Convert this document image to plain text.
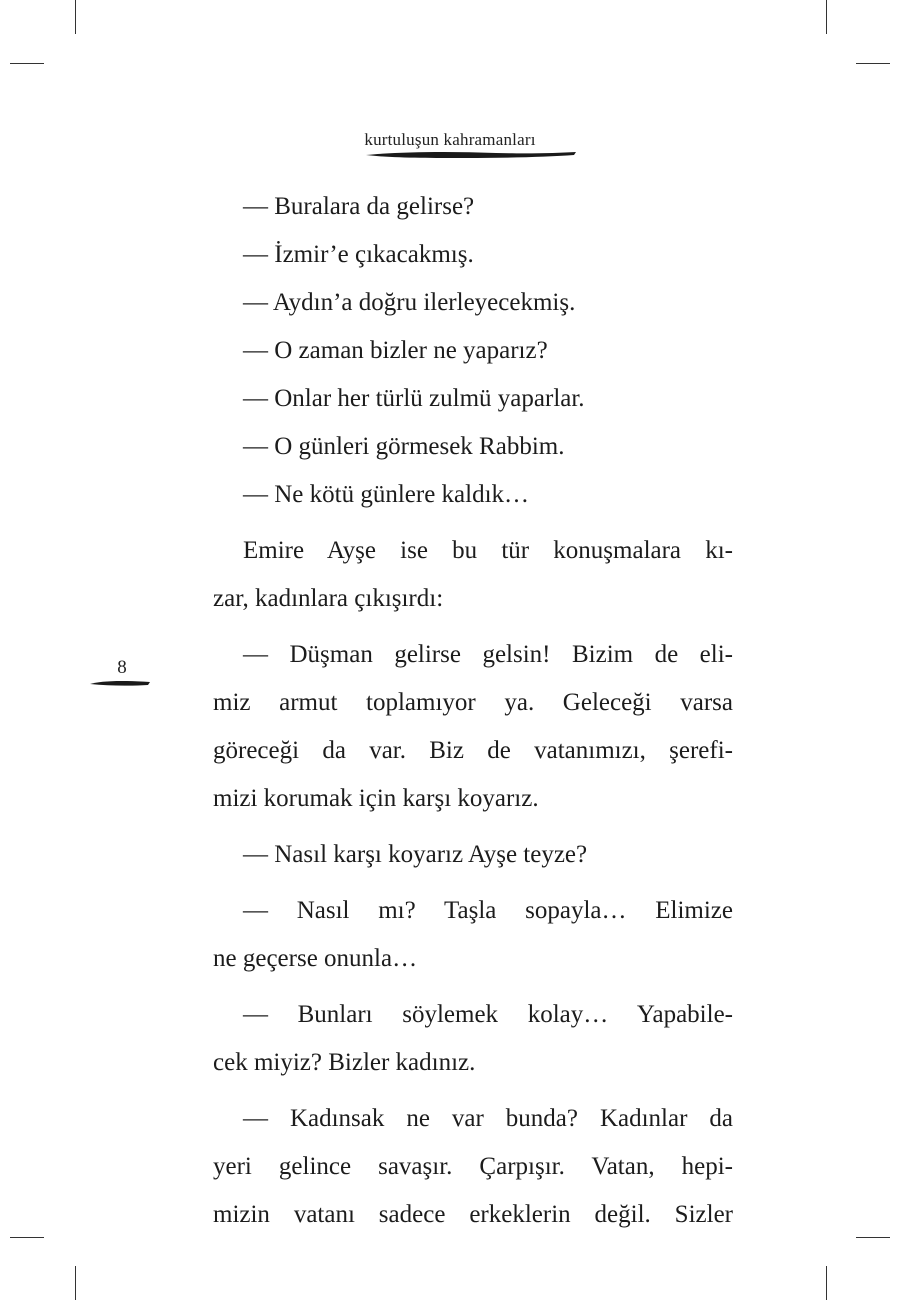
kurtuluşun kahramanları
8
— Buralara da gelirse?
— İzmir’e çıkacakmış.
— Aydın’a doğru ilerleyecekmiş.
— O zaman bizler ne yaparız?
— Onlar her türlü zulmü yaparlar.
— O günleri görmesek Rabbim.
— Ne kötü günlere kaldık…
Emire Ayşe ise bu tür konuşmalara kı-
zar, kadınlara çıkışırdı:
— Düşman gelirse gelsin! Bizim de eli-
miz armut toplamıyor ya. Geleceği varsa
göreceği da var. Biz de vatanımızı, şerefi-
mizi korumak için karşı koyarız.
— Nasıl karşı koyarız Ayşe teyze?
— Nasıl mı? Taşla sopayla… Elimize
ne geçerse onunla…
— Bunları söylemek kolay… Yapabile-
cek miyiz? Bizler kadınız.
— Kadınsak ne var bunda? Kadınlar da
yeri gelince savaşır. Çarpışır. Vatan, hepi-
mizin vatanı sadece erkeklerin değil. Sizler
